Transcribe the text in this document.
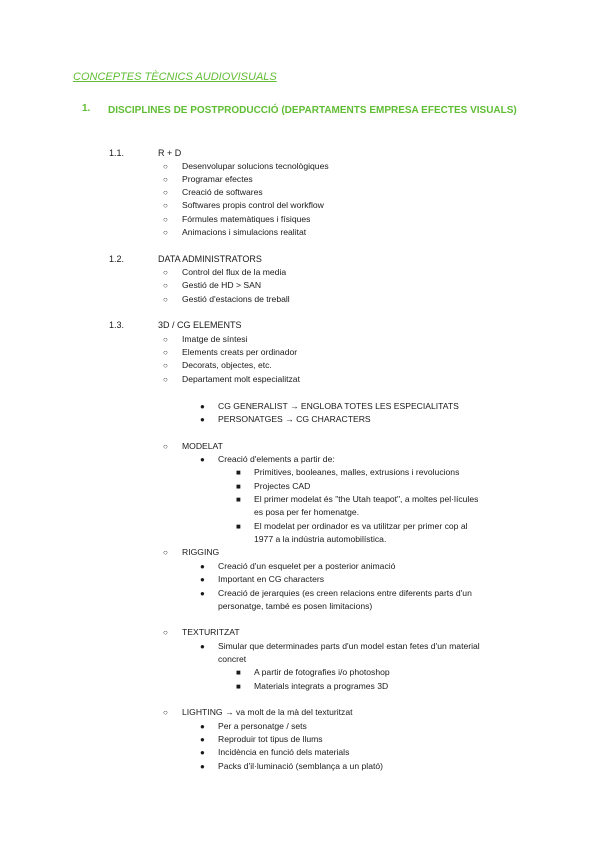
CONCEPTES TÈCNICS AUDIOVISUALS
1. DISCIPLINES DE POSTPRODUCCIÓ (DEPARTAMENTS EMPRESA EFECTES VISUALS)
1.1.	R + D
○ Desenvolupar solucions tecnològiques
○ Programar efectes
○ Creació de softwares
○ Softwares propis control del workflow
○ Fórmules matemàtiques i físiques
○ Animacions i simulacions realitat
1.2.	DATA ADMINISTRATORS
○ Control del flux de la media
○ Gestió de HD > SAN
○ Gestió d'estacions de treball
1.3.	3D / CG ELEMENTS
○ Imatge de síntesi
○ Elements creats per ordinador
○ Decorats, objectes, etc.
○ Departament molt especialitzat
● CG GENERALIST → ENGLOBA TOTES LES ESPECIALITATS
● PERSONATGES → CG CHARACTERS
○ MODELAT
● Creació d'elements a partir de:
■ Primitives, booleanes, malles, extrusions i revolucions
■ Projectes CAD
■ El primer modelat és "the Utah teapot", a moltes pel·lícules
es posa per fer homenatge.
■ El modelat per ordinador es va utilitzar per primer cop al
1977 a la indústria automobilística.
○ RIGGING
● Creació d'un esquelet per a posterior animació
● Important en CG characters
● Creació de jerarquies (es creen relacions entre diferents parts d'un
personatge, també es posen limitacions)
○ TEXTURITZAT
● Simular que determinades parts d'un model estan fetes d'un material
concret
■ A partir de fotografies i/o photoshop
■ Materials integrats a programes 3D
○ LIGHTING → va molt de la mà del texturitzat
● Per a personatge / sets
● Reproduir tot tipus de llums
● Incidència en funció dels materials
● Packs d'il·luminació (semblança a un plató)
